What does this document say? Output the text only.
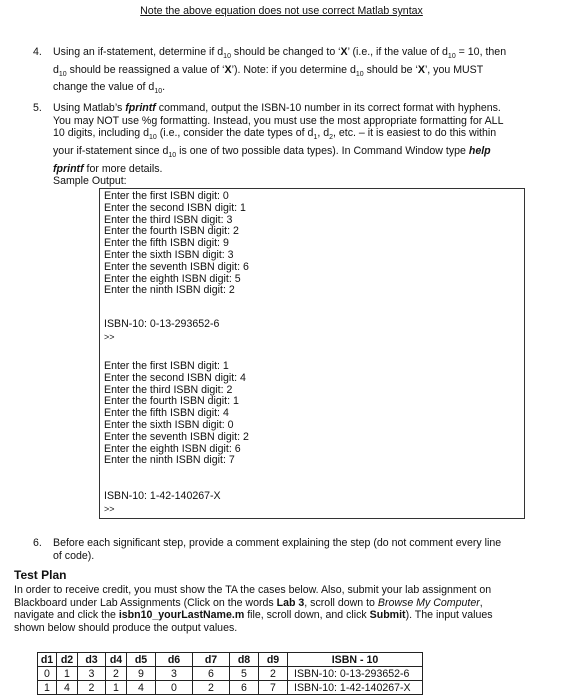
Note the above equation does not use correct Matlab syntax
4.	Using an if-statement, determine if $d_{10}$ should be changed to ‘X’ (i.e., if the value of $d_{10} = 10$, then
$d_{10}$ should be reassigned a value of ‘X’). Note: if you determine $d_{10}$ should be ‘X’, you MUST
change the value of $d_{10}$.
5.	Using Matlab’s fprintf command, output the ISBN-10 number in its correct format with hyphens.
You may NOT use %g formatting. Instead, you must use the most appropriate formatting for ALL
10 digits, including $d_{10}$ (i.e., consider the date types of $d_1$, $d_2$, etc. – it is easiest to do this within
your if-statement since $d_{10}$ is one of two possible data types). In Command Window type help
fprintf for more details.
Sample Output:
Enter the first ISBN digit: 0
Enter the second ISBN digit: 1
Enter the third ISBN digit: 3
Enter the fourth ISBN digit: 2
Enter the fifth ISBN digit: 9
Enter the sixth ISBN digit: 3
Enter the seventh ISBN digit: 6
Enter the eighth ISBN digit: 5
Enter the ninth ISBN digit: 2
ISBN-10: 0-13-293652-6
>>
Enter the first ISBN digit: 1
Enter the second ISBN digit: 4
Enter the third ISBN digit: 2
Enter the fourth ISBN digit: 1
Enter the fifth ISBN digit: 4
Enter the sixth ISBN digit: 0
Enter the seventh ISBN digit: 2
Enter the eighth ISBN digit: 6
Enter the ninth ISBN digit: 7
ISBN-10: 1-42-140267-X
>>
6.	Before each significant step, provide a comment explaining the step (do not comment every line
of code).
Test Plan
In order to receive credit, you must show the TA the cases below. Also, submit your lab assignment on
Blackboard under Lab Assignments (Click on the words Lab 3, scroll down to Browse My Computer,
navigate and click the isbn10_yourLastName.m file, scroll down, and click Submit). The input values
shown below should produce the output values.
d1	d2	d3	d4	d5	d6	d7	d8	d9	ISBN - 10
0	1	3	2	9	3	6	5	2	ISBN-10: 0-13-293652-6
1	4	2	1	4	0	2	6	7	ISBN-10: 1-42-140267-X
